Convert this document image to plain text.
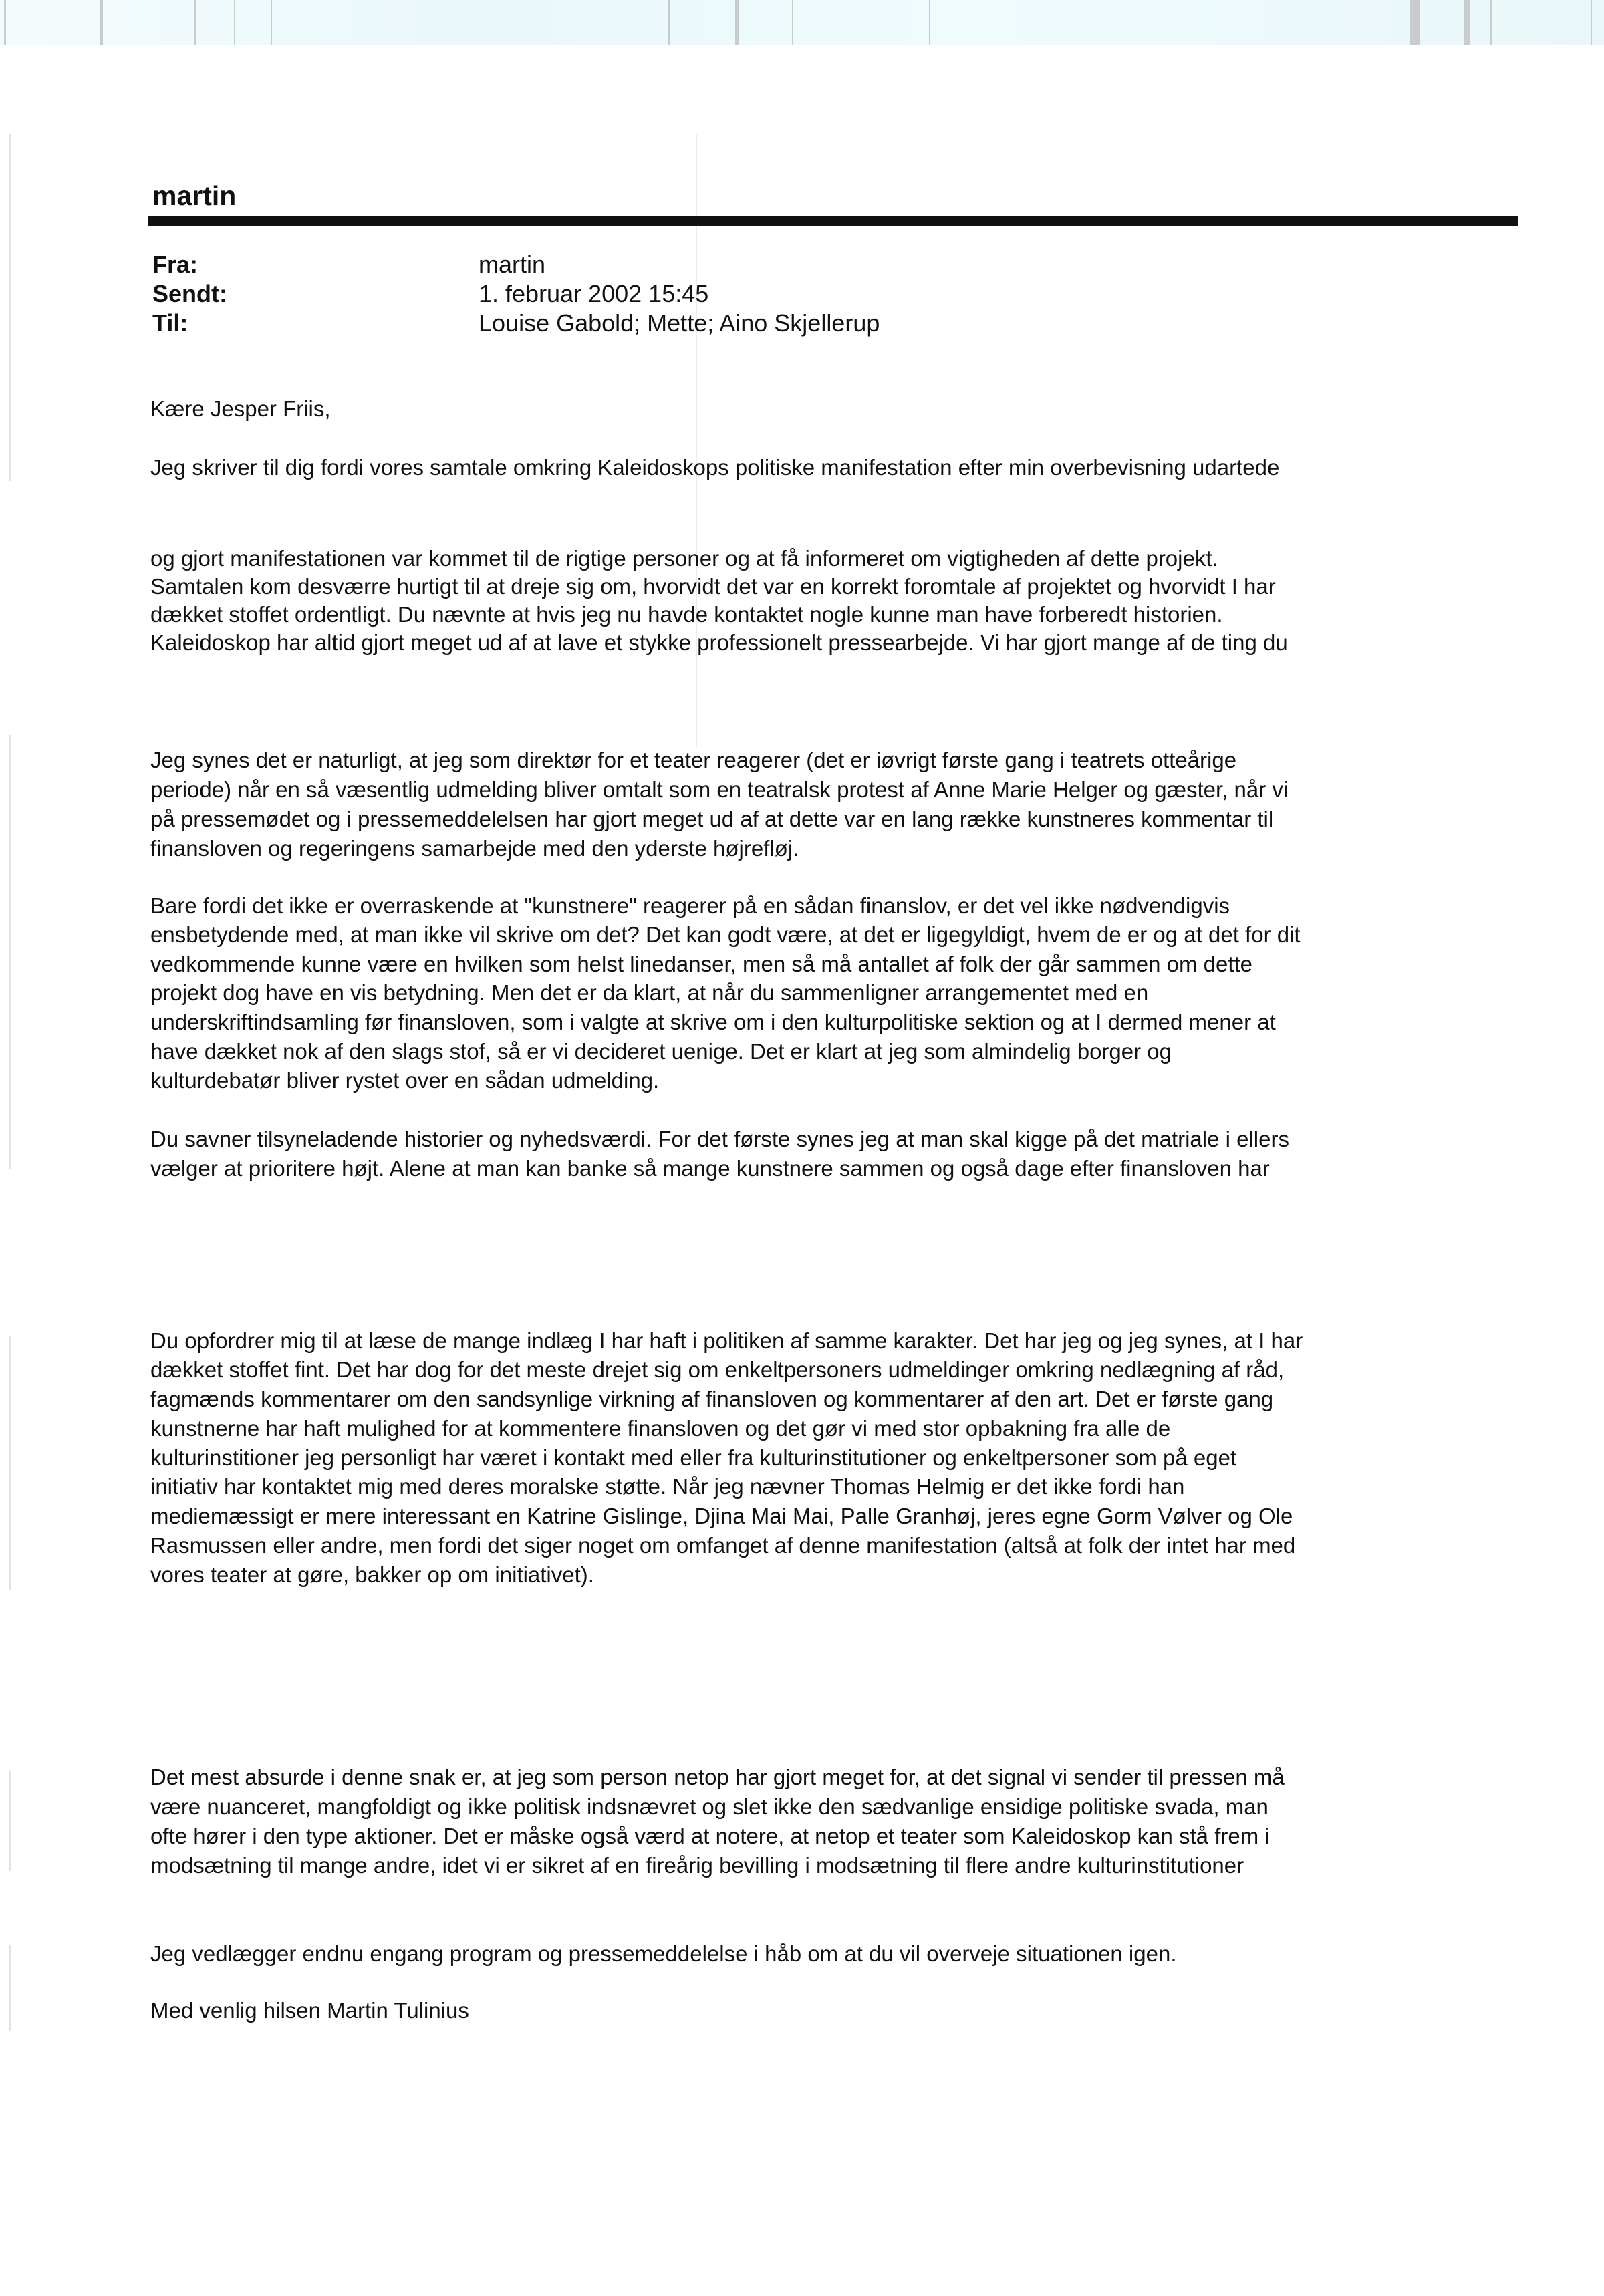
martin
Fra:	martin
Sendt:	1. februar 2002 15:45
Til:	Louise Gabold; Mette; Aino Skjellerup
Kære Jesper Friis,
Jeg skriver til dig fordi vores samtale omkring Kaleidoskops politiske manifestation efter min overbevisning udartede
og gjort manifestationen var kommet til de rigtige personer og at få informeret om vigtigheden af dette projekt.
Samtalen kom desværre hurtigt til at dreje sig om, hvorvidt det var en korrekt foromtale af projektet og hvorvidt I har
dækket stoffet ordentligt. Du nævnte at hvis jeg nu havde kontaktet nogle kunne man have forberedt historien.
Kaleidoskop har altid gjort meget ud af at lave et stykke professionelt pressearbejde. Vi har gjort mange af de ting du
Jeg synes det er naturligt, at jeg som direktør for et teater reagerer (det er iøvrigt første gang i teatrets otteårige
periode) når en så væsentlig udmelding bliver omtalt som en teatralsk protest af Anne Marie Helger og gæster, når vi
på pressemødet og i pressemeddelelsen har gjort meget ud af at dette var en lang række kunstneres kommentar til
finansloven og regeringens samarbejde med den yderste højrefløj.
Bare fordi det ikke er overraskende at "kunstnere" reagerer på en sådan finanslov, er det vel ikke nødvendigvis
ensbetydende med, at man ikke vil skrive om det? Det kan godt være, at det er ligegyldigt, hvem de er og at det for dit
vedkommende kunne være en hvilken som helst linedanser, men så må antallet af folk der går sammen om dette
projekt dog have en vis betydning. Men det er da klart, at når du sammenligner arrangementet med en
underskriftindsamling før finansloven, som i valgte at skrive om i den kulturpolitiske sektion og at I dermed mener at
have dækket nok af den slags stof, så er vi decideret uenige. Det er klart at jeg som almindelig borger og
kulturdebatør bliver rystet over en sådan udmelding.
Du savner tilsyneladende historier og nyhedsværdi. For det første synes jeg at man skal kigge på det matriale i ellers
vælger at prioritere højt. Alene at man kan banke så mange kunstnere sammen og også dage efter finansloven har
Du opfordrer mig til at læse de mange indlæg I har haft i politiken af samme karakter. Det har jeg og jeg synes, at I har
dækket stoffet fint. Det har dog for det meste drejet sig om enkeltpersoners udmeldinger omkring nedlægning af råd,
fagmænds kommentarer om den sandsynlige virkning af finansloven og kommentarer af den art. Det er første gang
kunstnerne har haft mulighed for at kommentere finansloven og det gør vi med stor opbakning fra alle de
kulturinstitioner jeg personligt har været i kontakt med eller fra kulturinstitutioner og enkeltpersoner som på eget
initiativ har kontaktet mig med deres moralske støtte. Når jeg nævner Thomas Helmig er det ikke fordi han
mediemæssigt er mere interessant en Katrine Gislinge, Djina Mai Mai, Palle Granhøj, jeres egne Gorm Vølver og Ole
Rasmussen eller andre, men fordi det siger noget om omfanget af denne manifestation (altså at folk der intet har med
vores teater at gøre, bakker op om initiativet).
Det mest absurde i denne snak er, at jeg som person netop har gjort meget for, at det signal vi sender til pressen må
være nuanceret, mangfoldigt og ikke politisk indsnævret og slet ikke den sædvanlige ensidige politiske svada, man
ofte hører i den type aktioner. Det er måske også værd at notere, at netop et teater som Kaleidoskop kan stå frem i
modsætning til mange andre, idet vi er sikret af en fireårig bevilling i modsætning til flere andre kulturinstitutioner
Jeg vedlægger endnu engang program og pressemeddelelse i håb om at du vil overveje situationen igen.
Med venlig hilsen Martin Tulinius
